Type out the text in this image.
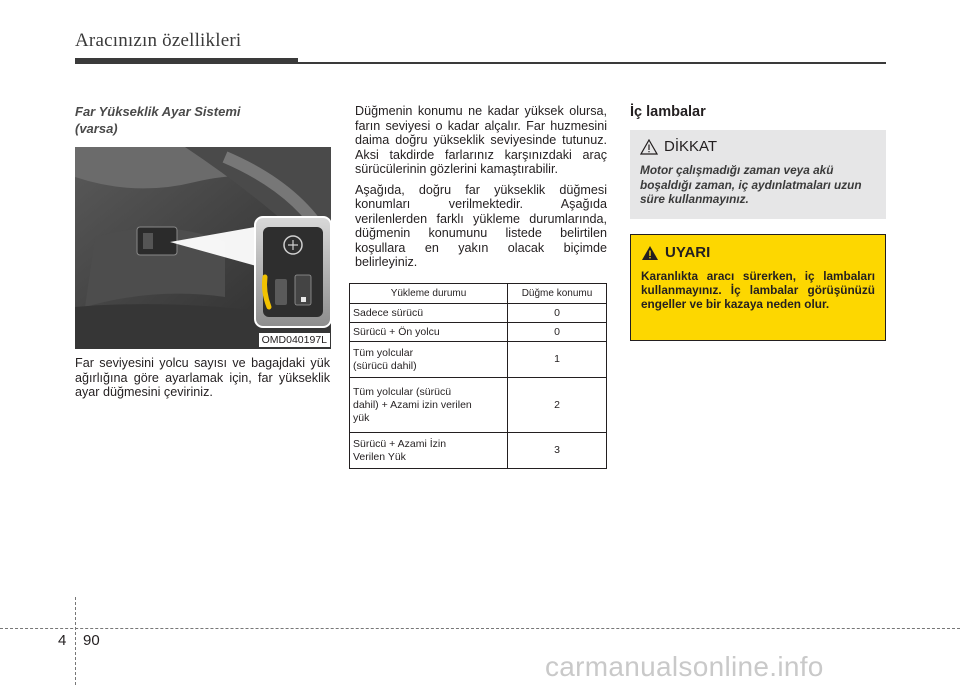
Aracınızın özellikleri
Far Yükseklik Ayar Sistemi
(varsa)
OMD040197L
Far seviyesini yolcu sayısı ve bagajdaki yük ağırlığına göre ayarlamak için, far yükseklik ayar düğmesini çeviriniz.

Düğmenin konumu ne kadar yüksek olursa, farın seviyesi o kadar alçalır. Far huzmesini daima doğru yükseklik seviyesinde tutunuz. Aksi takdirde farlarınız karşınızdaki araç sürücülerinin gözlerini kamaştırabilir.

Aşağıda, doğru far yükseklik düğmesi konumları verilmektedir. Aşağıda verilenlerden farklı yükleme durumlarında, düğmenin konumunu listede belirtilen koşullara en yakın olacak biçimde belirleyiniz.

Yükleme durumu	Düğme konumu
Sadece sürücü	0
Sürücü + Ön yolcu	0
Tüm yolcular
(sürücü dahil)	1
Tüm yolcular (sürücü
dahil) + Azami izin verilen
yük	2
Sürücü + Azami İzin
Verilen Yük	3
İç lambalar
DİKKAT
Motor çalışmadığı zaman veya akü boşaldığı zaman, iç aydınlatmaları uzun süre kullanmayınız.
UYARI
Karanlıkta aracı sürerken, iç lambaları kullanmayınız. İç lambalar görüşünüzü engeller ve bir kazaya neden olur.
4 90
carmanualsonline.info
